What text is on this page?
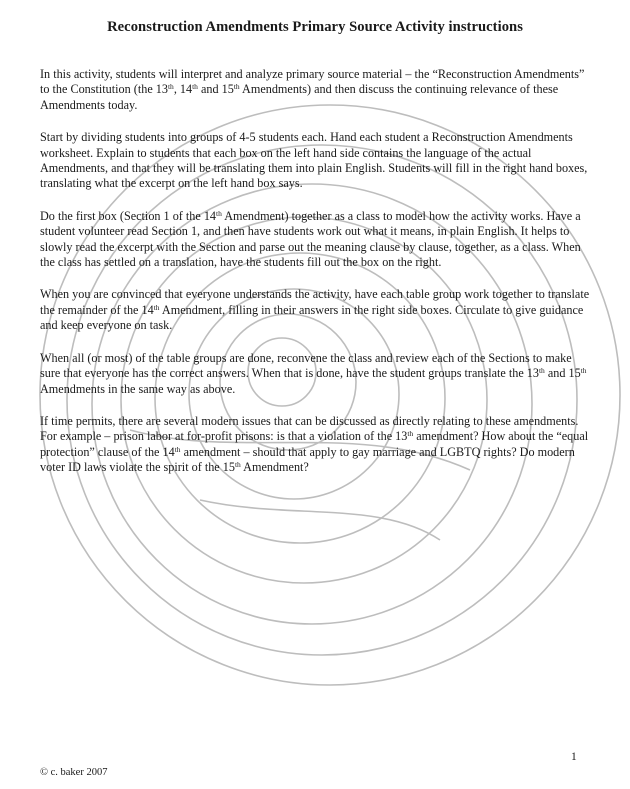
Reconstruction Amendments Primary Source Activity instructions

In this activity, students will interpret and analyze primary source material – the “Reconstruction Amendments” to the Constitution (the 13th, 14th and 15th Amendments) and then discuss the continuing relevance of these Amendments today.

Start by dividing students into groups of 4-5 students each. Hand each student a Reconstruction Amendments worksheet. Explain to students that each box on the left hand side contains the language of the actual Amendments, and that they will be translating them into plain English. Students will fill in the right hand boxes, translating what the excerpt on the left hand box says.

Do the first box (Section 1 of the 14th Amendment) together as a class to model how the activity works. Have a student volunteer read Section 1, and then have students work out what it means, in plain English. It helps to slowly read the excerpt with the Section and parse out the meaning clause by clause, together, as a class. When the class has settled on a translation, have the students fill out the box on the right.

When you are convinced that everyone understands the activity, have each table group work together to translate the remainder of the 14th Amendment, filling in their answers in the right side boxes. Circulate to give guidance and keep everyone on task.

When all (or most) of the table groups are done, reconvene the class and review each of the Sections to make sure that everyone has the correct answers. When that is done, have the student groups translate the 13th and 15th Amendments in the same way as above.

If time permits, there are several modern issues that can be discussed as directly relating to these amendments. For example – prison labor at for-profit prisons: is that a violation of the 13th amendment? How about the “equal protection” clause of the 14th amendment – should that apply to gay marriage and LGBTQ rights? Do modern voter ID laws violate the spirit of the 15th Amendment?

1
© c. baker 2007
